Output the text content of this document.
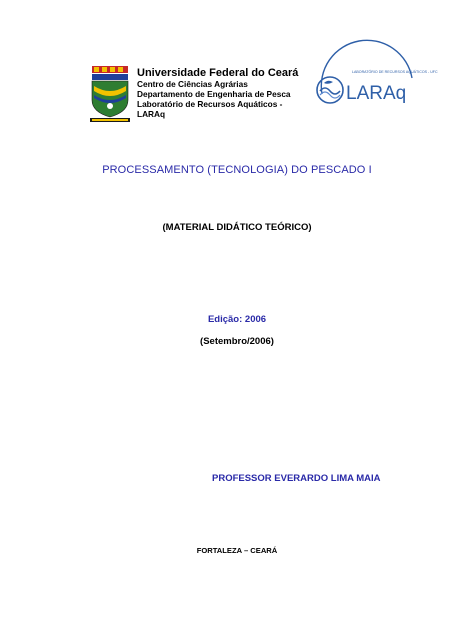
Universidade Federal do Ceará

Centro de Ciências Agrárias

Departamento de Engenharia de Pesca

Laboratório de Recursos Aquáticos -

LARAq

LABORATÓRIO DE RECURSOS AQUÁTICOS - UFC
LARAq
PROCESSAMENTO (TECNOLOGIA) DO PESCADO I
(MATERIAL DIDÁTICO TEÓRICO)
Edição: 2006
(Setembro/2006)
PROFESSOR EVERARDO LIMA MAIA
FORTALEZA – CEARÁ
